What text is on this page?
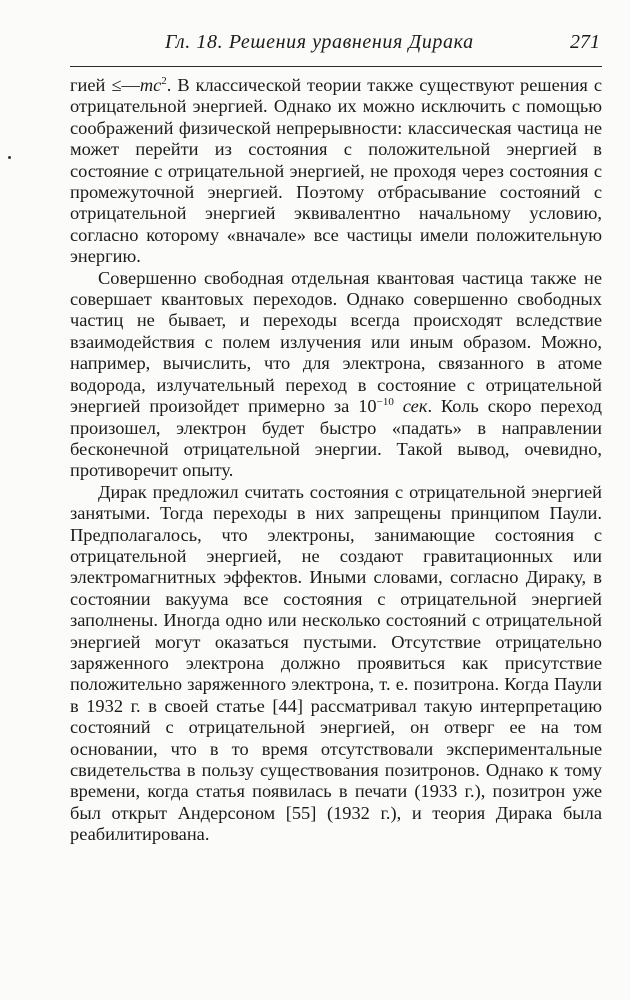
Гл. 18. Решения уравнения Дирака	271

гией $\le—mc^2$. В классической теории также существуют решения с отрицательной энергией. Однако их можно исключить с помощью соображений физической непрерывности: классическая частица не может перейти из состояния с положительной энергией в состояние с отрицательной энергией, не проходя через состояния с промежуточной энергией. Поэтому отбрасывание состояний с отрицательной энергией эквивалентно начальному условию, согласно которому «вначале» все частицы имели положительную энергию.

Совершенно свободная отдельная квантовая частица также не совершает квантовых переходов. Однако совершенно свободных частиц не бывает, и переходы всегда происходят вследствие взаимодействия с полем излучения или иным образом. Можно, например, вычислить, что для электрона, связанного в атоме водорода, излучательный переход в состояние с отрицательной энергией произойдет примерно за $10^{-10}$ сек. Коль скоро переход произошел, электрон будет быстро «падать» в направлении бесконечной отрицательной энергии. Такой вывод, очевидно, противоречит опыту.

Дирак предложил считать состояния с отрицательной энергией занятыми. Тогда переходы в них запрещены принципом Паули. Предполагалось, что электроны, занимающие состояния с отрицательной энергией, не создают гравитационных или электромагнитных эффектов. Иными словами, согласно Дираку, в состоянии вакуума все состояния с отрицательной энергией заполнены. Иногда одно или несколько состояний с отрицательной энергией могут оказаться пустыми. Отсутствие отрицательно заряженного электрона должно проявиться как присутствие положительно заряженного электрона, т. е. позитрона. Когда Паули в 1932 г. в своей статье [44] рассматривал такую интерпретацию состояний с отрицательной энергией, он отверг ее на том основании, что в то время отсутствовали экспериментальные свидетельства в пользу существования позитронов. Однако к тому времени, когда статья появилась в печати (1933 г.), позитрон уже был открыт Андерсоном [55] (1932 г.), и теория Дирака была реабилитирована.
